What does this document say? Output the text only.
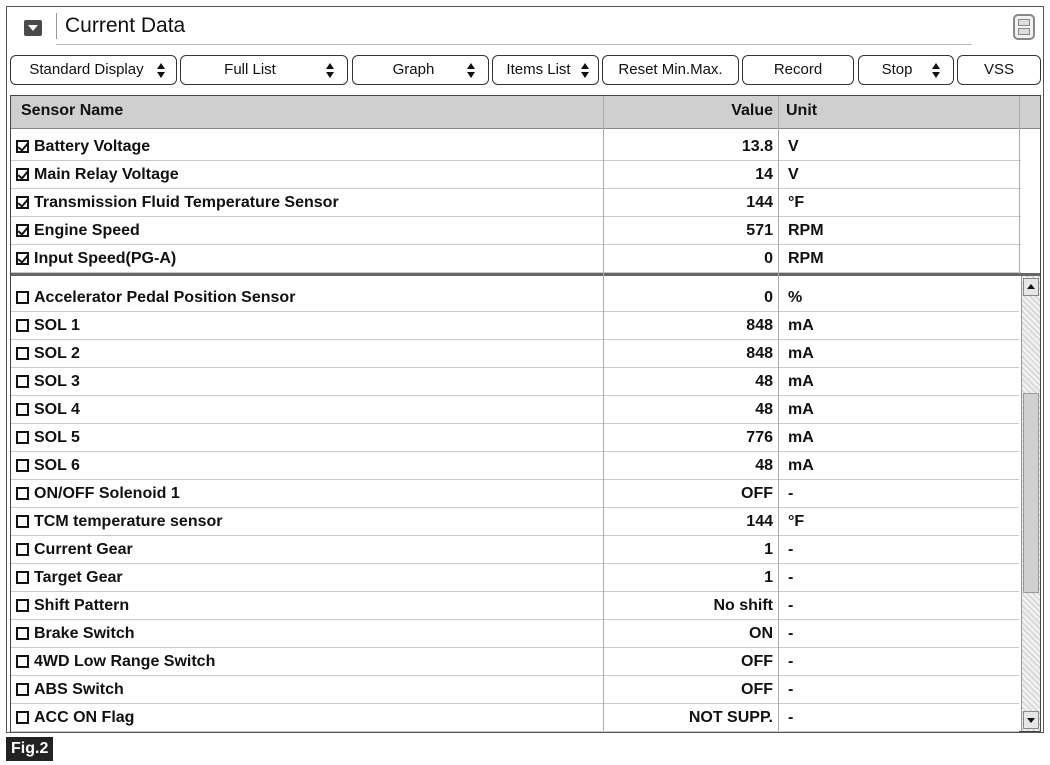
Current Data
Standard Display	Full List	Graph	Items List	Reset Min.Max.	Record	Stop	VSS
Sensor Name	Value Unit
Battery Voltage	13.8 V
Main Relay Voltage	14 V
Transmission Fluid Temperature Sensor	144 °F
Engine Speed	571 RPM
Input Speed(PG-A)	0 RPM
Accelerator Pedal Position Sensor	0 %
SOL 1	848 mA
SOL 2	848 mA
SOL 3	48 mA
SOL 4	48 mA
SOL 5	776 mA
SOL 6	48 mA
ON/OFF Solenoid 1	OFF -
TCM temperature sensor	144 °F
Current Gear	1 -
Target Gear	1 -
Shift Pattern	No shift -
Brake Switch	ON -
4WD Low Range Switch	OFF -
ABS Switch	OFF -
ACC ON Flag	NOT SUPP. -
Fig.2
